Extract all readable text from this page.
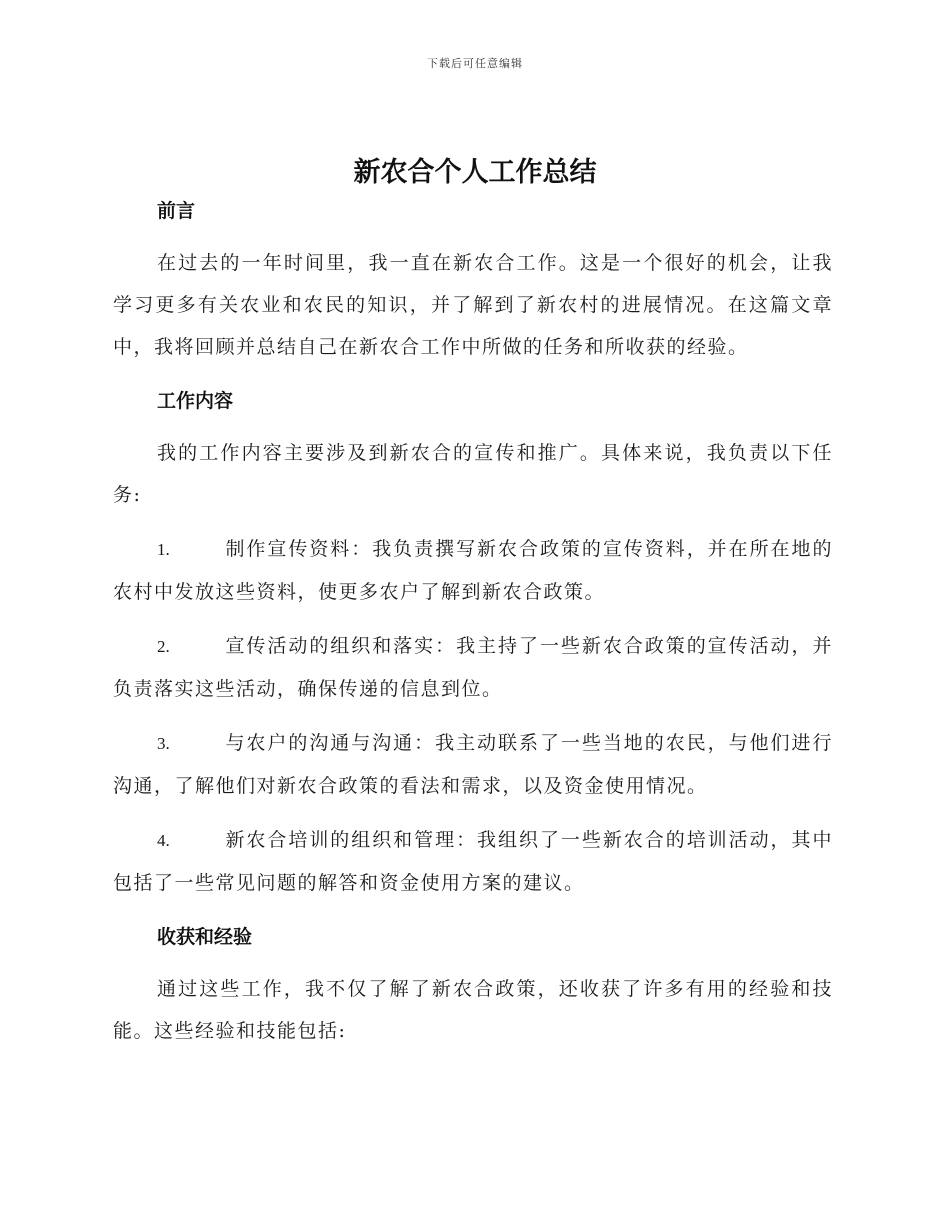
下载后可任意编辑
新农合个人工作总结
前言

在过去的一年时间里，我一直在新农合工作。这是一个很好的机会，让我学习更多有关农业和农民的知识，并了解到了新农村的进展情况。在这篇文章中，我将回顾并总结自己在新农合工作中所做的任务和所收获的经验。

工作内容

我的工作内容主要涉及到新农合的宣传和推广。具体来说，我负责以下任务:

1.	制作宣传资料：我负责撰写新农合政策的宣传资料，并在所在地的农村中发放这些资料，使更多农户了解到新农合政策。

2.	宣传活动的组织和落实：我主持了一些新农合政策的宣传活动，并负责落实这些活动，确保传递的信息到位。

3.	与农户的沟通与沟通：我主动联系了一些当地的农民，与他们进行沟通，了解他们对新农合政策的看法和需求，以及资金使用情况。

4.	新农合培训的组织和管理：我组织了一些新农合的培训活动，其中包括了一些常见问题的解答和资金使用方案的建议。

收获和经验

通过这些工作，我不仅了解了新农合政策，还收获了许多有用的经验和技能。这些经验和技能包括:
